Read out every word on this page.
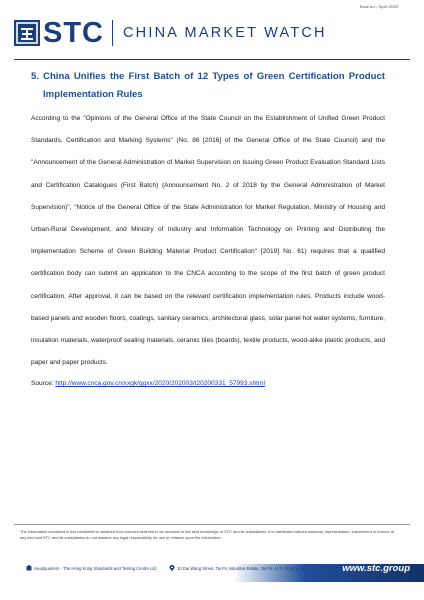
Issue no.: April 2020
STC CHINA MARKET WATCH
5. China Unifies the First Batch of 12 Types of Green Certification Product Implementation Rules
According to the "Opinions of the General Office of the State Council on the Establishment of Unified Green Product Standards, Certification and Marking Systems" (No. 86 [2016] of the General Office of the State Council) and the "Announcement of the General Administration of Market Supervision on Issuing Green Product Evaluation Standard Lists and Certification Catalogues (First Batch) (Announcement No. 2 of 2018 by the General Administration of Market Supervision)", "Notice of the General Office of the State Administration for Market Regulation, Ministry of Housing and Urban-Rural Development, and Ministry of Industry and Information Technology on Printing and Distributing the Implementation Scheme of Green Building Material Product Certification" [2019] No. 61) requires that a qualified certification body can submit an application to the CNCA according to the scope of the first batch of green product certification. After approval, it can be based on the relevant certification implementation rules. Products include wood-based panels and wooden floors, coatings, sanitary ceramics, architectural glass, solar panel hot water systems, furniture, insulation materials, waterproof sealing materials, ceramic tiles (boards), textile products, wood-alike plastic products, and paper and paper products.
Source: http://www.cnca.gov.cn/xxgk/ggxx/2020/202003/t20200331_57993.shtml
The information contained in this newsletter is obtained from sources believed to be accurate to the best knowledge of STC and its subsidiaries. It is distributed without warranty, representation, inducement or licence of any kind and STC and its subsidiaries do not assume any legal responsibility for use or reliance upon the information.
Headquarters - The Hong Kong Standards and Testing Centre Ltd.	10 Dai Wang Street, Tai Po Industrial Estate, Tai Po, N.T., Hong Kong	www.stc.group
